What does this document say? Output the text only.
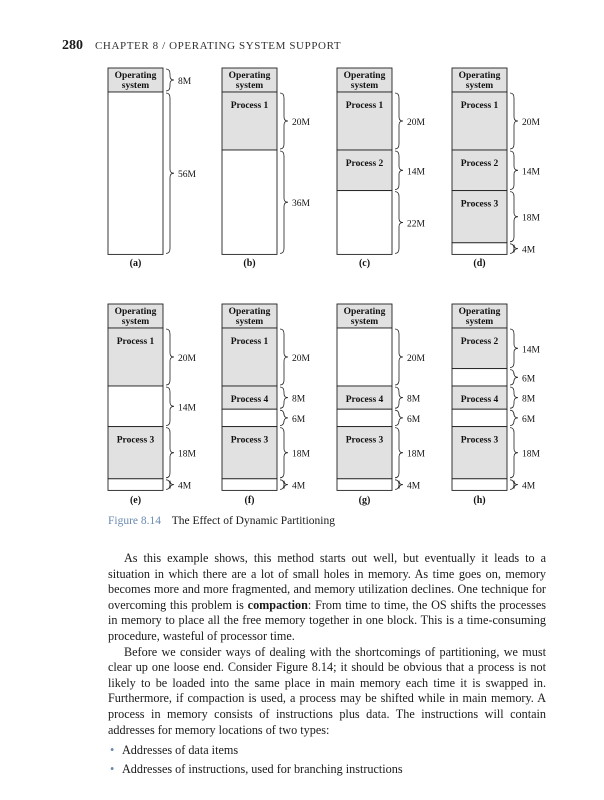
280 CHAPTER 8 / OPERATING SYSTEM SUPPORT
Operating
system	8M
56M
(a)
Operating
system
Process 1
20M
36M
(b)
Operating
system
Process 1
20M
Process 2
14M
22M
(c)
Operating
system
Process 1
20M
Process 2
14M
Process 3
18M
4M
(d)
Operating
system
Process 1
20M
14M
Process 3
18M
4M
(e)
Operating
system
Process 1
20M
Process 4 8M
6M
Process 3
18M
4M
(f)
Operating
system
20M
Process 4 8M
6M
Process 3
18M
4M
(g)
Operating
system
Process 2
14M
6M
Process 4 8M
6M
Process 3
18M
4M
(h)
Figure 8.14 The Effect of Dynamic Partitioning

As this example shows, this method starts out well, but eventually it leads to a situation in which there are a lot of small holes in memory. As time goes on, memory becomes more and more fragmented, and memory utilization declines. One technique for overcoming this problem is compaction: From time to time, the OS shifts the processes in memory to place all the free memory together in one block. This is a time-consuming procedure, wasteful of processor time.

Before we consider ways of dealing with the shortcomings of partitioning, we must clear up one loose end. Consider Figure 8.14; it should be obvious that a process is not likely to be loaded into the same place in main memory each time it is swapped in. Furthermore, if compaction is used, a process may be shifted while in main memory. A process in memory consists of instructions plus data. The instructions will contain addresses for memory locations of two types:

• Addresses of data items
• Addresses of instructions, used for branching instructions
